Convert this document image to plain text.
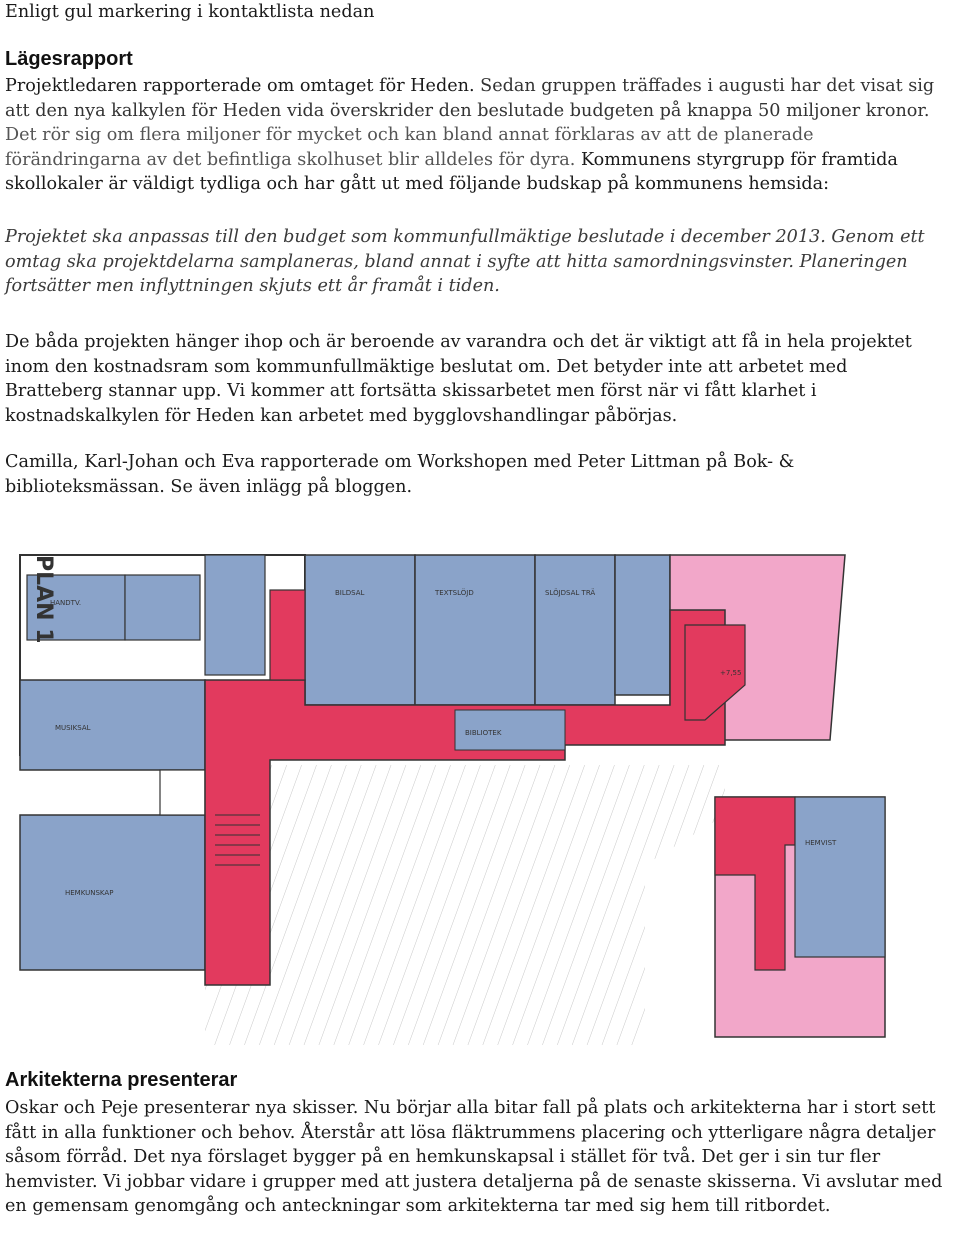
Enligt gul markering i kontaktlista nedan
Lägesrapport
Projektledaren rapporterade om omtaget för Heden. Sedan gruppen träffades i augusti har det visat sig att den nya kalkylen för Heden vida överskrider den beslutade budgeten på knappa 50 miljoner kronor. Det rör sig om flera miljoner för mycket och kan bland annat förklaras av att de planerade förändringarna av det befintliga skolhuset blir alldeles för dyra. Kommunens styrgrupp för framtida skollokaler är väldigt tydliga och har gått ut med följande budskap på kommunens hemsida:
Projektet ska anpassas till den budget som kommunfullmäktige beslutade i december 2013. Genom ett omtag ska projektdelarna samplaneras, bland annat i syfte att hitta samordningsvinster. Planeringen fortsätter men inflyttningen skjuts ett år framåt i tiden.
De båda projekten hänger ihop och är beroende av varandra och det är viktigt att få in hela projektet inom den kostnadsram som kommunfullmäktige beslutat om. Det betyder inte att arbetet med Bratteberg stannar upp. Vi kommer att fortsätta skissarbetet men först när vi fått klarhet i kostnadskalkylen för Heden kan arbetet med bygglovshandlingar påbörjas.
Camilla, Karl-Johan och Eva rapporterade om Workshopen med Peter Littman på Bok- & biblioteksmässan. Se även inlägg på bloggen.
PLAN 1
HANDTV.
MUSIKSAL
HEMKUNSKAP
BILDSAL	TEXTSLÖJD	SLÖJDSAL TRÄ
BIBLIOTEK
HEMVIST
+7,55
Arkitekterna presenterar
Oskar och Peje presenterar nya skisser. Nu börjar alla bitar fall på plats och arkitekterna har i stort sett fått in alla funktioner och behov. Återstår att lösa fläktrummens placering och ytterligare några detaljer såsom förråd. Det nya förslaget bygger på en hemkunskapsal i stället för två. Det ger i sin tur fler hemvister. Vi jobbar vidare i grupper med att justera detaljerna på de senaste skisserna. Vi avslutar med en gemensam genomgång och anteckningar som arkitekterna tar med sig hem till ritbordet.
